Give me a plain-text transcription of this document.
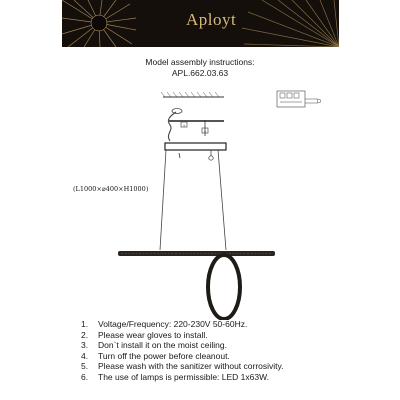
Aployt
Model assembly instructions:
APL.662.03.63
+
+
(L1000×⌀400×H1000)
1.	Voltage/Frequency: 220-230V 50-60Hz.
2.	Please wear gloves to install.
3.	Don`t install it on the moist ceiling.
4.	Turn off the power before cleanout.
5.	Please wash with the sanitizer without corrosivity.
6.	The use of lamps is permissible: LED 1x63W.
